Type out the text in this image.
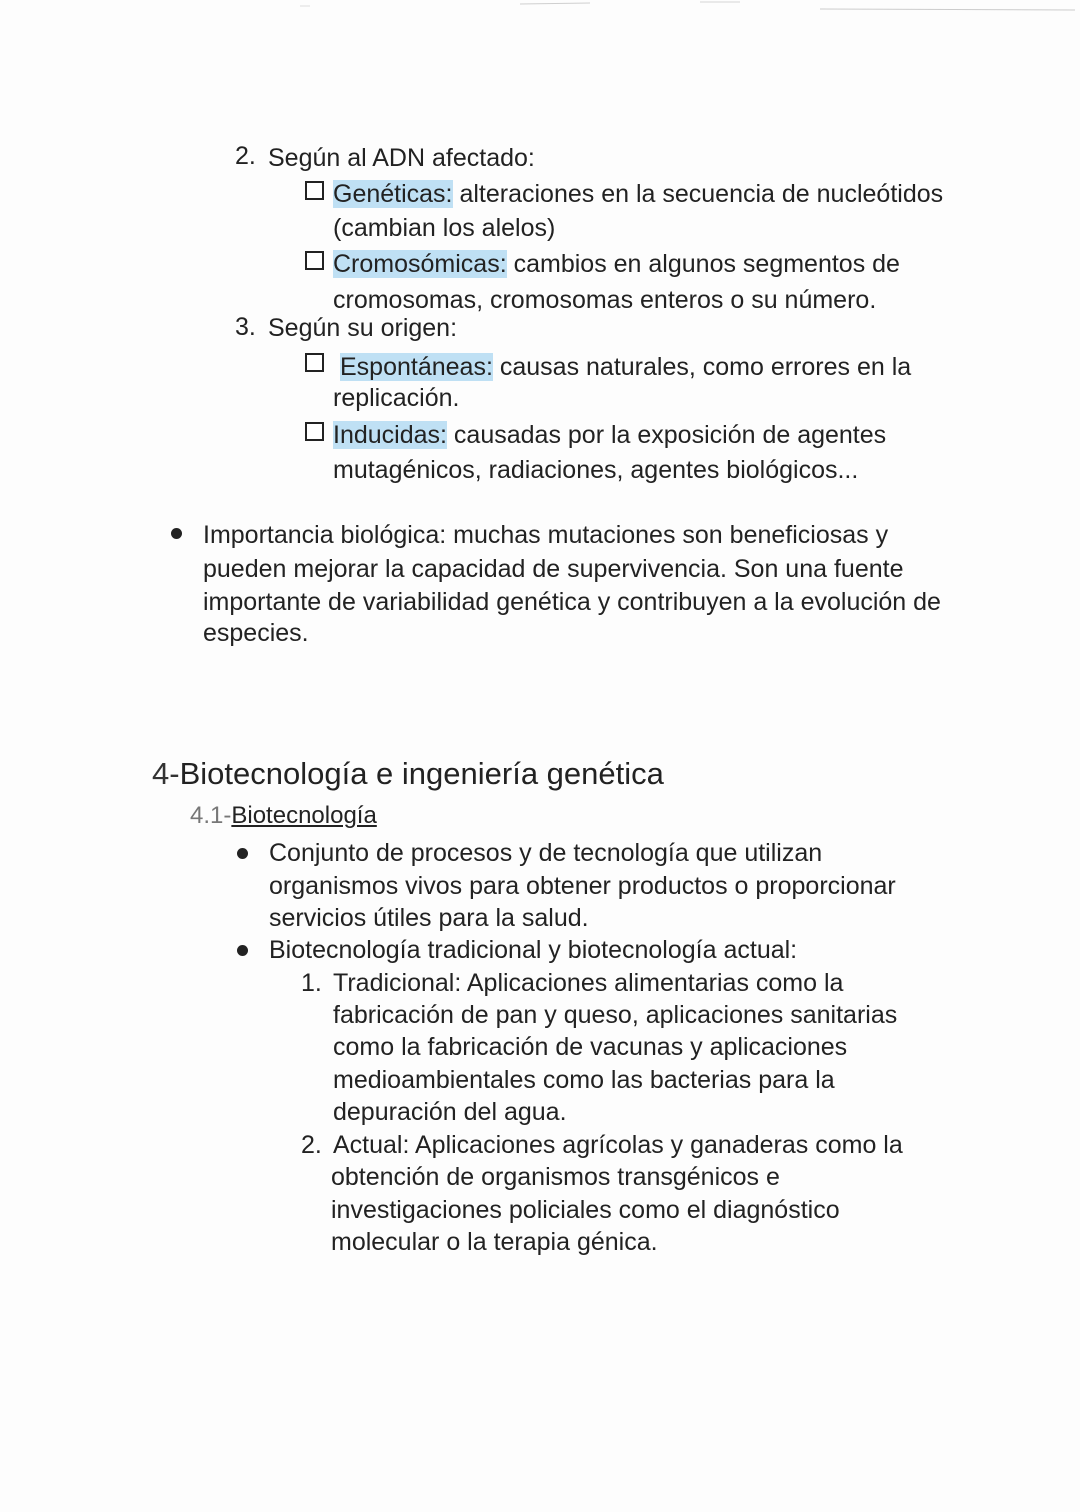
2. Según al ADN afectado:
Genéticas: alteraciones en la secuencia de nucleótidos
(cambian los alelos)
Cromosómicas: cambios en algunos segmentos de
cromosomas, cromosomas enteros o su número.
3. Según su origen:
Espontáneas: causas naturales, como errores en la
replicación.
Inducidas: causadas por la exposición de agentes
mutagénicos, radiaciones, agentes biológicos...
Importancia biológica: muchas mutaciones son beneficiosas y
pueden mejorar la capacidad de supervivencia. Son una fuente
importante de variabilidad genética y contribuyen a la evolución de
especies.
4-Biotecnología e ingeniería genética
4.1-Biotecnología
Conjunto de procesos y de tecnología que utilizan
organismos vivos para obtener productos o proporcionar
servicios útiles para la salud.
Biotecnología tradicional y biotecnología actual:
1. Tradicional: Aplicaciones alimentarias como la
fabricación de pan y queso, aplicaciones sanitarias
como la fabricación de vacunas y aplicaciones
medioambientales como las bacterias para la
depuración del agua.
2. Actual: Aplicaciones agrícolas y ganaderas como la
obtención de organismos transgénicos e
investigaciones policiales como el diagnóstico
molecular o la terapia génica.
